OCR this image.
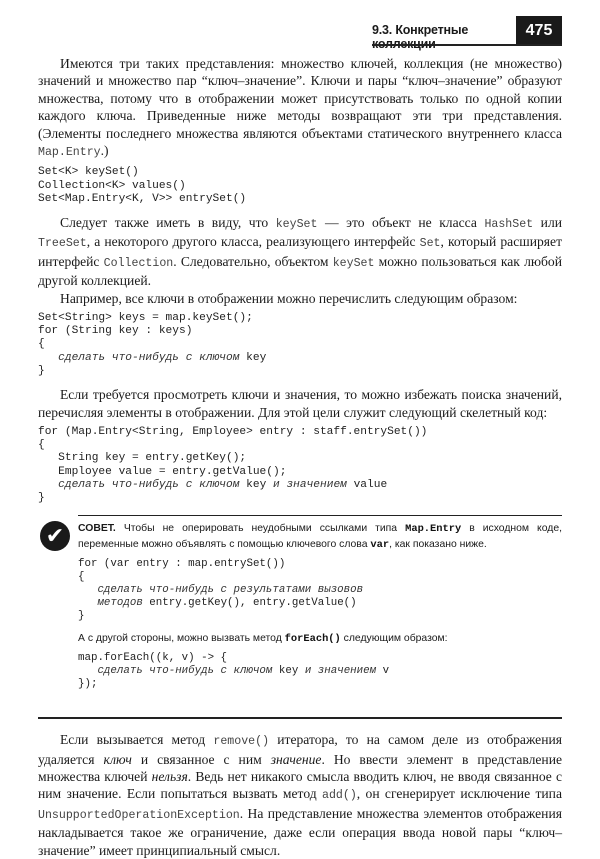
9.3. Конкретные	475

Имеются три таких представления: множество ключей, коллекция (не множество) значений и множество пар “ключ–значение”. Ключи и пары “ключ–значение” образуют множества, потому что в отображении может присутствовать только по одной копии каждого ключа. Приведенные ниже методы возвращают эти три представления. (Элементы последнего множества являются объектами статического внутреннего класса Map.Entry.)

Set<K> keySet()
Collection<K> values()
Set<Map.Entry<K, V>> entrySet()

Следует также иметь в виду, что keySet — это объект не класса HashSet или TreeSet, а некоторого другого класса, реализующего интерфейс Set, который расширяет интерфейс Collection. Следовательно, объектом keySet можно пользоваться как любой другой коллекцией.

Например, все ключи в отображении можно перечислить следующим образом:

Set<String> keys = map.keySet();
for (String key : keys)
{
сделать что-нибудь с ключом key
}

Если требуется просмотреть ключи и значения, то можно избежать поиска значений, перечисляя элементы в отображении. Для этой цели служит следующий скелетный код:

for (Map.Entry<String, Employee> entry : staff.entrySet())
{
String key = entry.getKey();
Employee value = entry.getValue();
сделать что-нибудь с ключом key и значением value
}
✔	СОВЕТ. Чтобы не оперировать неудобными ссылками типа Map.Entry в исходном коде, переменные можно объявлять с помощью ключевого слова var, как показано ниже.

for (var entry : map.entrySet())
{
сделать что-нибудь с результатами вызовов
методов entry.getKey(), entry.getValue()
}

А с другой стороны, можно вызвать метод forEach() следующим образом:

map.forEach((k, v) -> {
сделать что-нибудь с ключом key и значением v
});

Если вызывается метод remove() итератора, то на самом деле из отображения удаляется ключ и связанное с ним значение. Но ввести элемент в представление множества ключей нельзя. Ведь нет никакого смысла вводить ключ, не вводя связанное с ним значение. Если попытаться вызвать метод add(), он сгенерирует исключение типа UnsupportedOperationException. На представление множества элементов отображения накладывается такое же ограничение, даже если операция ввода новой пары “ключ–значение” имеет принципиальный смысл.
